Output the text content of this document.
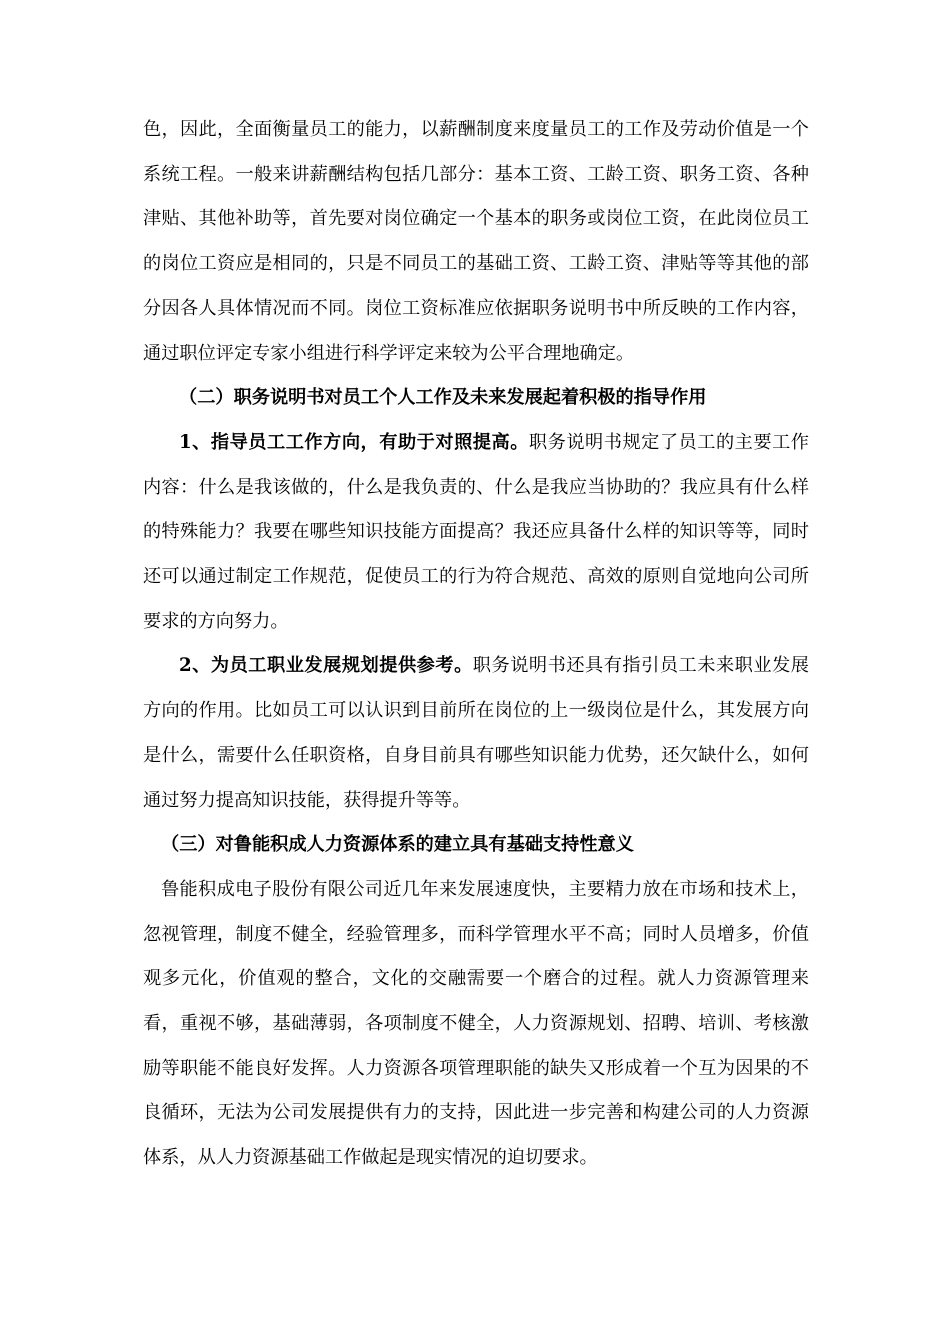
色，因此，全面衡量员工的能力，以薪酬制度来度量员工的工作及劳动价值是一个系统工程。一般来讲薪酬结构包括几部分：基本工资、工龄工资、职务工资、各种津贴、其他补助等，首先要对岗位确定一个基本的职务或岗位工资，在此岗位员工的岗位工资应是相同的，只是不同员工的基础工资、工龄工资、津贴等等其他的部分因各人具体情况而不同。岗位工资标准应依据职务说明书中所反映的工作内容，通过职位评定专家小组进行科学评定来较为公平合理地确定。

（二）职务说明书对员工个人工作及未来发展起着积极的指导作用

1、指导员工工作方向，有助于对照提高。职务说明书规定了员工的主要工作内容：什么是我该做的，什么是我负责的、什么是我应当协助的？我应具有什么样的特殊能力？我要在哪些知识技能方面提高？我还应具备什么样的知识等等，同时还可以通过制定工作规范，促使员工的行为符合规范、高效的原则自觉地向公司所要求的方向努力。

2、为员工职业发展规划提供参考。职务说明书还具有指引员工未来职业发展方向的作用。比如员工可以认识到目前所在岗位的上一级岗位是什么，其发展方向是什么，需要什么任职资格，自身目前具有哪些知识能力优势，还欠缺什么，如何通过努力提高知识技能，获得提升等等。

（三）对鲁能积成人力资源体系的建立具有基础支持性意义

鲁能积成电子股份有限公司近几年来发展速度快，主要精力放在市场和技术上，忽视管理，制度不健全，经验管理多，而科学管理水平不高；同时人员增多，价值观多元化，价值观的整合，文化的交融需要一个磨合的过程。就人力资源管理来看，重视不够，基础薄弱，各项制度不健全，人力资源规划、招聘、培训、考核激励等职能不能良好发挥。人力资源各项管理职能的缺失又形成着一个互为因果的不良循环，无法为公司发展提供有力的支持，因此进一步完善和构建公司的人力资源体系，从人力资源基础工作做起是现实情况的迫切要求。
